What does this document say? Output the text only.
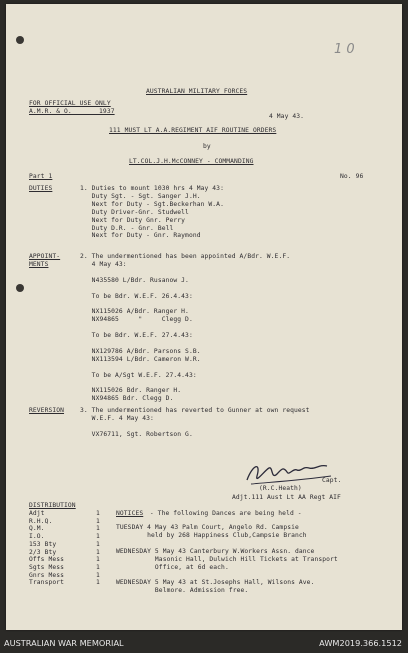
1 0
AUSTRALIAN MILITARY FORCES
FOR OFFICIAL USE ONLY
A.M.R. & O.       1937
4 May 43.
111 MUST LT A.A.REGIMENT AIF ROUTINE ORDERS
by
LT.COL.J.H.McCONNEY - COMMANDING
Part 1	No. 96
DUTIES	1. Duties to mount 1030 hrs 4 May 43:
Duty Sgt. - Sgt. Sanger J.H.
Next for Duty - Sgt.Beckerhan W.A.
Duty Driver-Gnr. Studwell
Next for Duty Gnr. Perry
Duty D.R. - Gnr. Bell
Next for Duty - Gnr. Raymond
APPOINT-
MENTS
2. The undermentioned has been appointed A/Bdr. W.E.F.
4 May 43:
N435580 L/Bdr. Rusanow J.
To be Bdr. W.E.F. 26.4.43:
NX115026 A/Bdr. Ranger H.
NX94865     "     Clegg D.
To be Bdr. W.E.F. 27.4.43:
NX129786 A/Bdr. Parsons S.B.
NX113594 L/Bdr. Cameron W.R.
To be A/Sgt W.E.F. 27.4.43:
NX115026 Bdr. Ranger H.
NX94865 Bdr. Clegg D.
REVERSION	3. The undermentioned has reverted to Gunner at own request
W.E.F. 4 May 43:
VX76711, Sgt. Robertson G.
Capt.
(R.C.Heath)
Adjt.111 Aust Lt AA Regt AIF
DISTRIBUTION
Adjt	1
R.H.Q.	1
Q.M.	1
I.O.	1
153 Bty	1
2/3 Bty	1
Offs Mess	1
Sgts Mess	1
Gnrs Mess	1
Transport	1
NOTICES - The following Dances are being held -
TUESDAY 4 May 43 Palm Court, Angelo Rd. Campsie
held by 268 Happiness Club,Campsie Branch
WEDNESDAY 5 May 43 Canterbury W.Workers Assn. dance
Masonic Hall, Dulwich Hill Tickets at Transport
Office, at 6d each.
WEDNESDAY 5 May 43 at St.Josephs Hall, Wilsons Ave.
Belmore. Admission free.
AUSTRALIAN WAR MEMORIAL	AWM2019.366.1512
